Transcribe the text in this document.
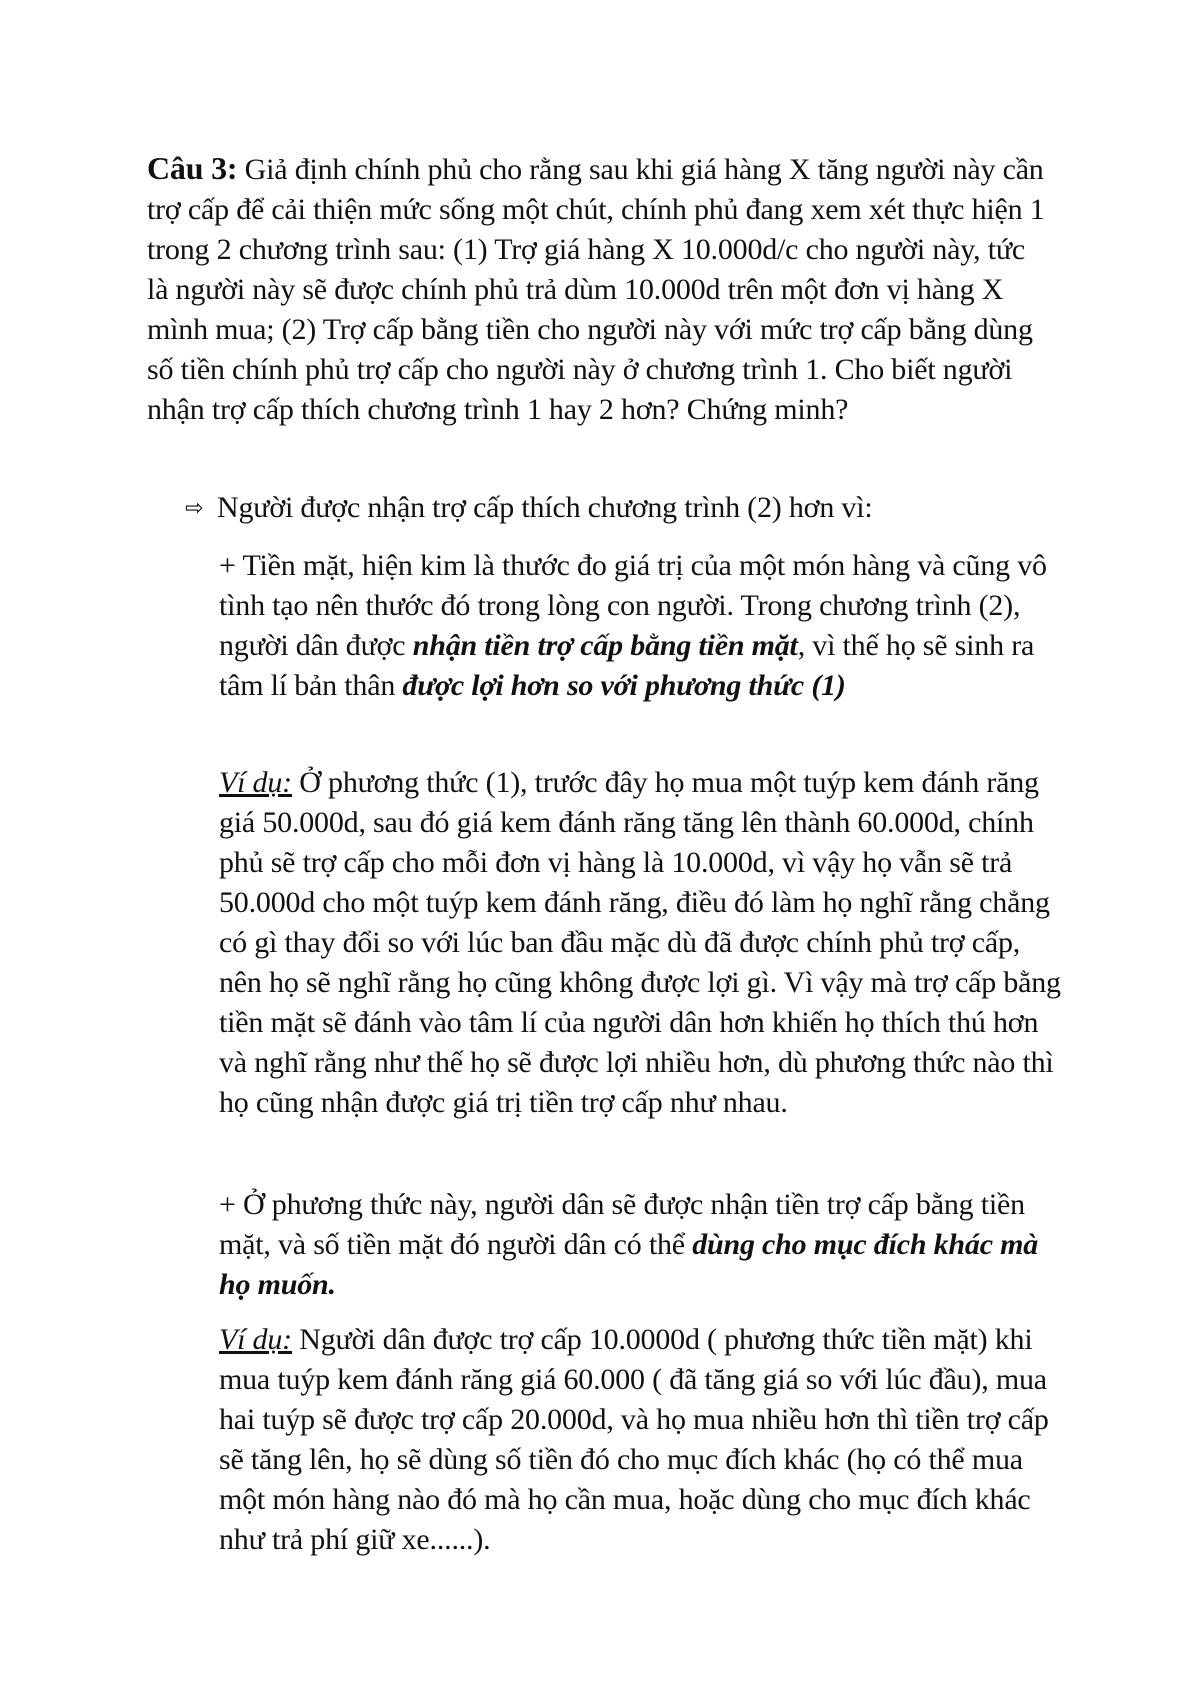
Câu 3: Giả định chính phủ cho rằng sau khi giá hàng X tăng người này cần trợ cấp để cải thiện mức sống một chút, chính phủ đang xem xét thực hiện 1 trong 2 chương trình sau: (1) Trợ giá hàng X 10.000d/c cho người này, tức là người này sẽ được chính phủ trả dùm 10.000d trên một đơn vị hàng X mình mua; (2) Trợ cấp bằng tiền cho người này với mức trợ cấp bằng dùng số tiền chính phủ trợ cấp cho người này ở chương trình 1. Cho biết người nhận trợ cấp thích chương trình 1 hay 2 hơn? Chứng minh?

⇨ Người được nhận trợ cấp thích chương trình (2) hơn vì:

+ Tiền mặt, hiện kim là thước đo giá trị của một món hàng và cũng vô tình tạo nên thước đó trong lòng con người. Trong chương trình (2), người dân được nhận tiền trợ cấp bằng tiền mặt, vì thế họ sẽ sinh ra tâm lí bản thân được lợi hơn so với phương thức (1)

Ví dụ: Ở phương thức (1), trước đây họ mua một tuýp kem đánh răng giá 50.000d, sau đó giá kem đánh răng tăng lên thành 60.000d, chính phủ sẽ trợ cấp cho mỗi đơn vị hàng là 10.000d, vì vậy họ vẫn sẽ trả 50.000d cho một tuýp kem đánh răng, điều đó làm họ nghĩ rằng chẳng có gì thay đổi so với lúc ban đầu mặc dù đã được chính phủ trợ cấp, nên họ sẽ nghĩ rằng họ cũng không được lợi gì. Vì vậy mà trợ cấp bằng tiền mặt sẽ đánh vào tâm lí của người dân hơn khiến họ thích thú hơn và nghĩ rằng như thế họ sẽ được lợi nhiều hơn, dù phương thức nào thì họ cũng nhận được giá trị tiền trợ cấp như nhau.

+ Ở phương thức này, người dân sẽ được nhận tiền trợ cấp bằng tiền mặt, và số tiền mặt đó người dân có thể dùng cho mục đích khác mà họ muốn.

Ví dụ: Người dân được trợ cấp 10.0000d ( phương thức tiền mặt) khi mua tuýp kem đánh răng giá 60.000 ( đã tăng giá so với lúc đầu), mua hai tuýp sẽ được trợ cấp 20.000d, và họ mua nhiều hơn thì tiền trợ cấp sẽ tăng lên, họ sẽ dùng số tiền đó cho mục đích khác (họ có thể mua một món hàng nào đó mà họ cần mua, hoặc dùng cho mục đích khác như trả phí giữ xe......).
